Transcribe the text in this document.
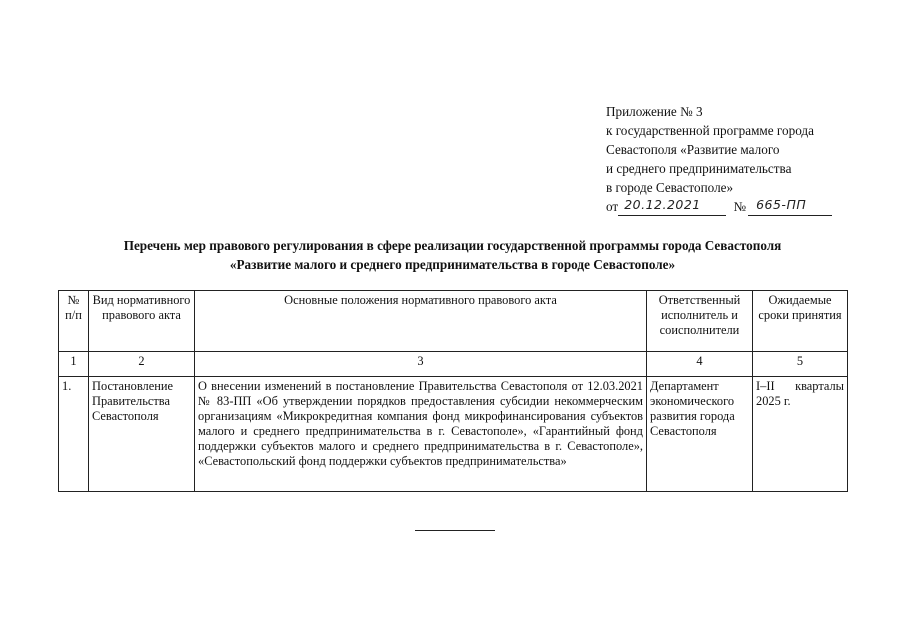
Приложение № 3
к государственной программе города
Севастополя «Развитие малого
и среднего предпринимательства
в городе Севастополе»
от 20.12.2021 № 665-ПП
Перечень мер правового регулирования в сфере реализации государственной программы города Севастополя
«Развитие малого и среднего предпринимательства в городе Севастополе»
№ п/п	Вид нормативного правового акта	Основные положения нормативного правового акта	Ответственный исполнитель и соисполнители	Ожидаемые сроки принятия
1	2	3	4	5
1.	Постановление Правительства Севастополя	О внесении изменений в постановление Правительства Севастополя от 12.03.2021 № 83-ПП «Об утверждении порядков предоставления субсидии некоммерческим организациям «Микрокредитная компания фонд микрофинансирования субъектов малого и среднего предпринимательства в г. Севастополе», «Гарантийный фонд поддержки субъектов малого и среднего предпринимательства в г. Севастополе», «Севастопольский фонд поддержки субъектов предпринимательства»	Департамент экономического развития города Севастополя	I–II кварталы 2025 г.
